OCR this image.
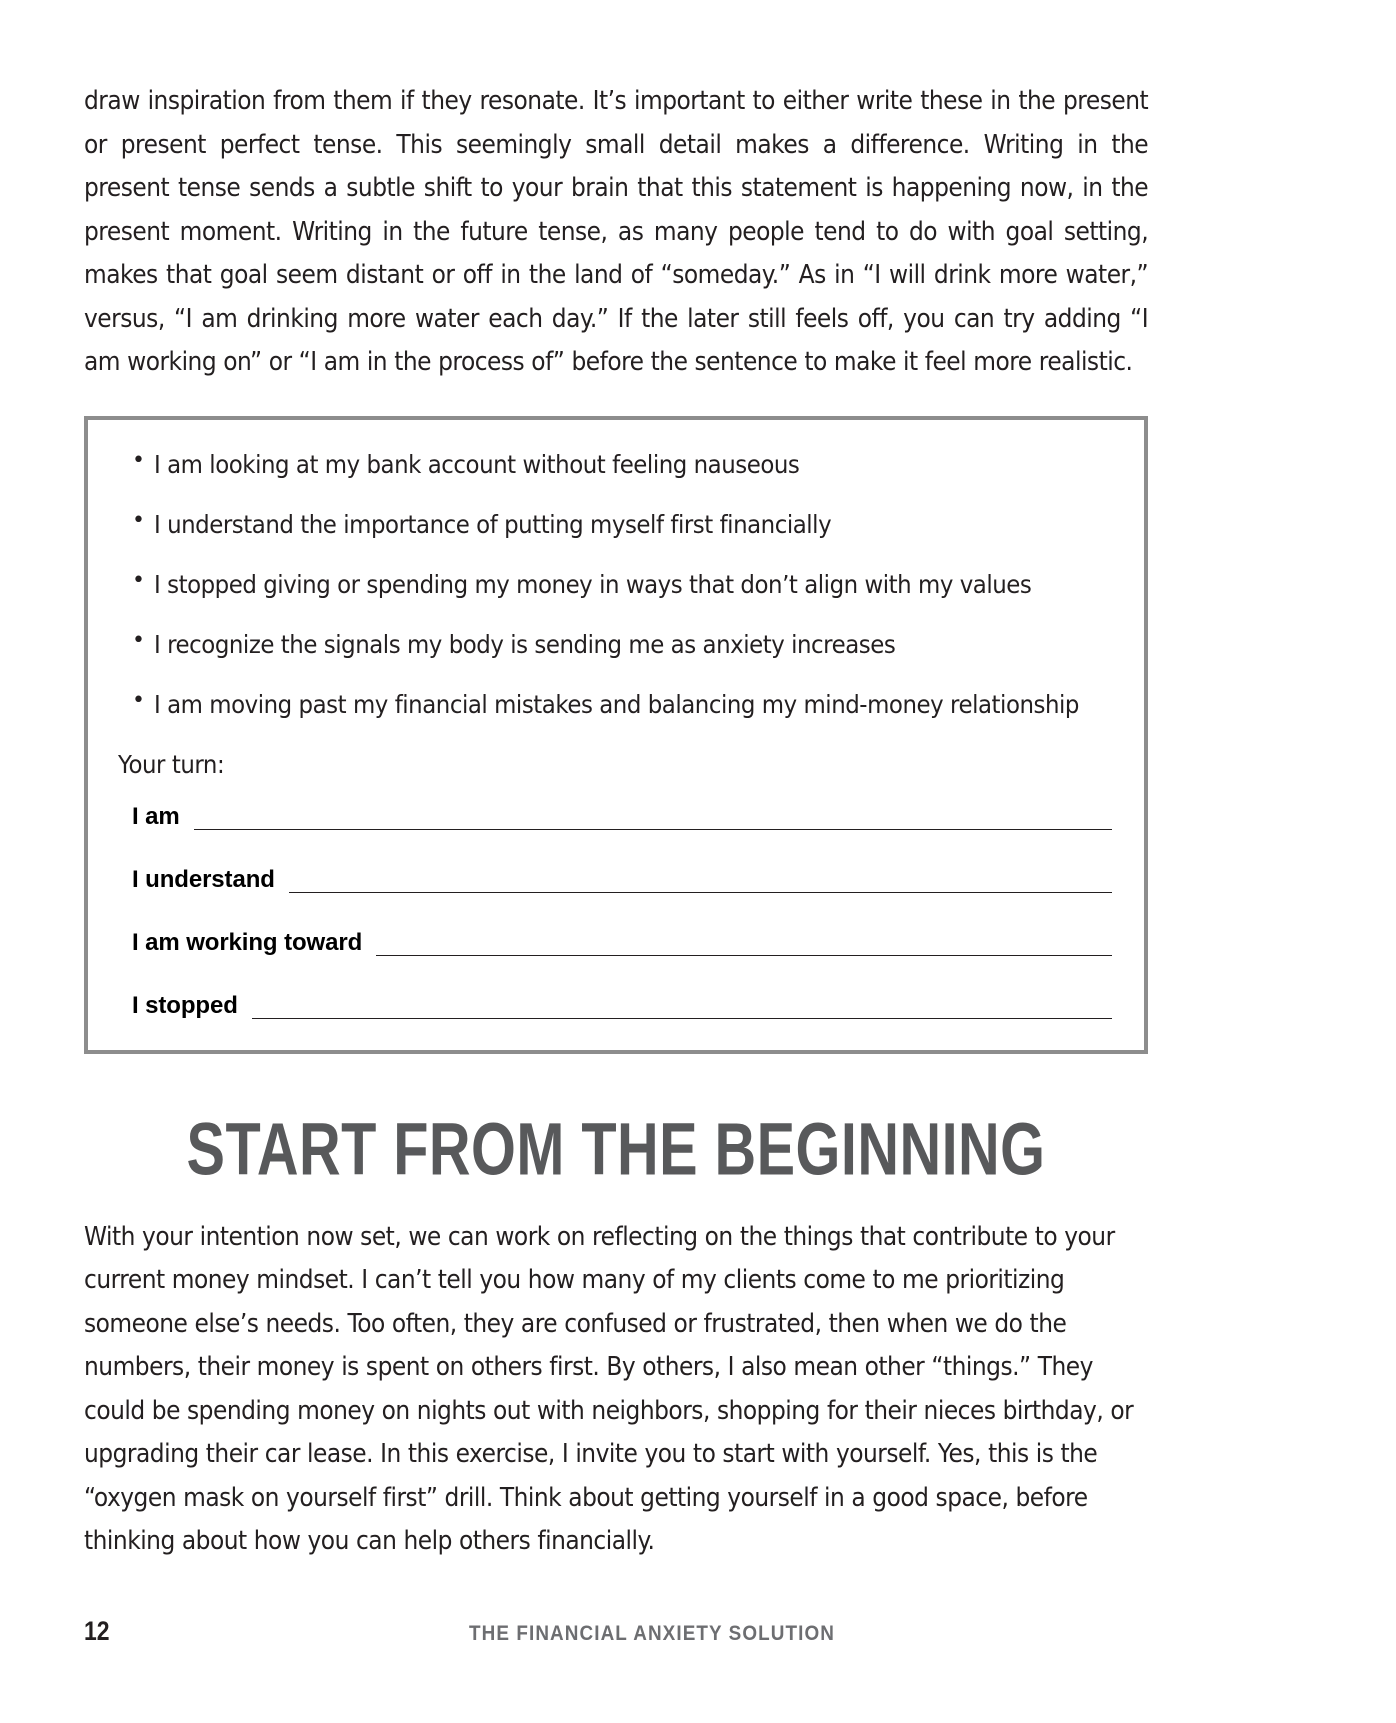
draw inspiration from them if they resonate. It’s important to either write these in the present or present perfect tense. This seemingly small detail makes a difference. Writing in the present tense sends a subtle shift to your brain that this statement is happening now, in the present moment. Writing in the future tense, as many people tend to do with goal setting, makes that goal seem distant or off in the land of “someday.” As in “I will drink more water,” versus, “I am drinking more water each day.” If the later still feels off, you can try adding “I am working on” or “I am in the process of” before the sentence to make it feel more realistic.

• I am looking at my bank account without feeling nauseous
• I understand the importance of putting myself first financially
• I stopped giving or spending my money in ways that don’t align with my values
• I recognize the signals my body is sending me as anxiety increases
• I am moving past my financial mistakes and balancing my mind-money relationship
Your turn:
I am
I understand
I am working toward
I stopped
START FROM THE BEGINNING

With your intention now set, we can work on reflecting on the things that contribute to your current money mindset. I can’t tell you how many of my clients come to me prioritizing someone else’s needs. Too often, they are confused or frustrated, then when we do the numbers, their money is spent on others first. By others, I also mean other “things.” They could be spending money on nights out with neighbors, shopping for their nieces birthday, or upgrading their car lease. In this exercise, I invite you to start with yourself. Yes, this is the “oxygen mask on yourself first” drill. Think about getting yourself in a good space, before thinking about how you can help others financially.

12	THE FINANCIAL ANXIETY SOLUTION
